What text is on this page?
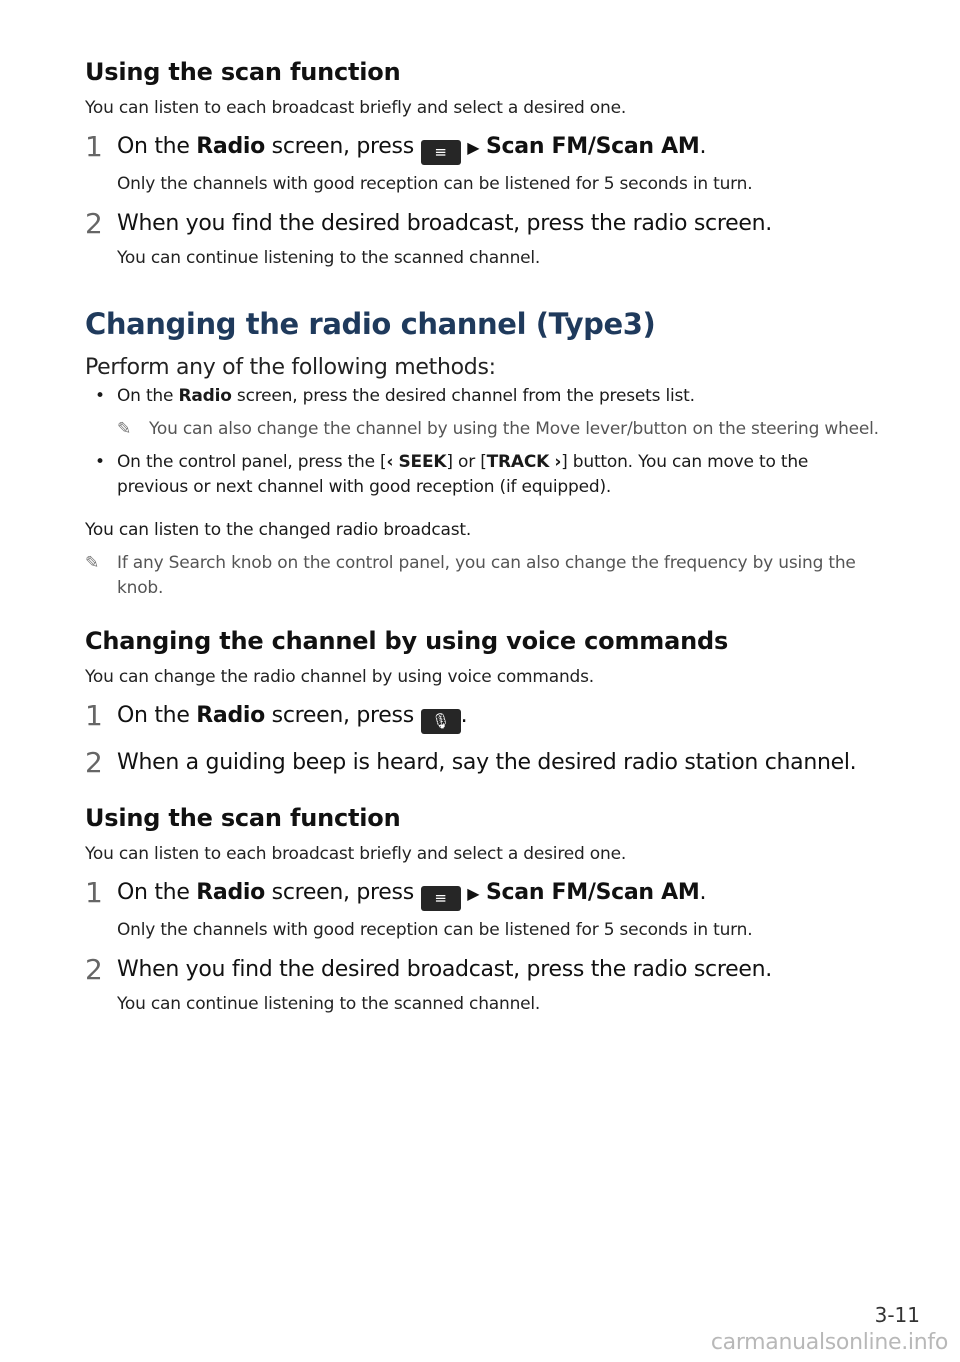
Using the scan function

You can listen to each broadcast briefly and select a desired one.

1 On the Radio screen, press ≡ ▶ Scan FM/Scan AM.
Only the channels with good reception can be listened for 5 seconds in turn.
2 When you find the desired broadcast, press the radio screen.
You can continue listening to the scanned channel.
Changing the radio channel (Type3)

Perform any of the following methods:

• On the Radio screen, press the desired channel from the presets list.
✎	You can also change the channel by using the Move lever/button on the steering wheel.
• On the control panel, press the [‹ SEEK] or [TRACK ›] button. You can move to the previous or next channel with good reception (if equipped).

You can listen to the changed radio broadcast.

✎	If any Search knob on the control panel, you can also change the frequency by using the knob.
Changing the channel by using voice commands

You can change the radio channel by using voice commands.

1 On the Radio screen, press 🎙 .
2 When a guiding beep is heard, say the desired radio station channel.
Using the scan function

You can listen to each broadcast briefly and select a desired one.

1 On the Radio screen, press ≡ ▶ Scan FM/Scan AM.
Only the channels with good reception can be listened for 5 seconds in turn.
2 When you find the desired broadcast, press the radio screen.
You can continue listening to the scanned channel.
3-11
carmanualsonline.info
